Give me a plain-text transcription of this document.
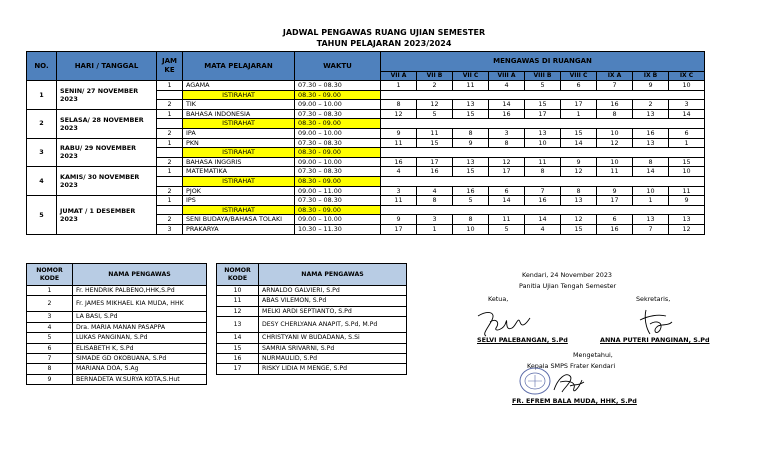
JADWAL PENGAWAS RUANG UJIAN SEMESTER
TAHUN PELAJARAN 2023/2024
NO.	HARI / TANGGAL	JAM KE	MATA PELAJARAN	WAKTU	MENGAWAS DI RUANGAN								
					VII A	VII B	VII C	VIII A	VIII B	VIII C	IX A	IX B	IX C
1	SENIN/ 27 NOVEMBER 2023	1	AGAMA	07.30 – 08.30	1	2	11	4	5	6	7	9	10
			ISTIRAHAT	08.30 - 09.00									
		2	TIK	09.00 – 10.00	8	12	13	14	15	17	16	2	3
2	SELASA/ 28 NOVEMBER 2023	1	BAHASA INDONESIA	07.30 – 08.30	12	5	15	16	17	1	8	13	14
			ISTIRAHAT	08.30 - 09.00									
		2	IPA	09.00 – 10.00	9	11	8	3	13	15	10	16	6
3	RABU/ 29 NOVEMBER 2023	1	PKN	07.30 – 08.30	11	15	9	8	10	14	12	13	1
			ISTIRAHAT	08.30 - 09.00									
		2	BAHASA INGGRIS	09.00 – 10.00	16	17	13	12	11	9	10	8	15
4	KAMIS/ 30 NOVEMBER 2023	1	MATEMATIKA	07.30 – 08.30	4	16	15	17	8	12	11	14	10
			ISTIRAHAT	08.30 - 09.00									
		2	PJOK	09.00 – 11.00	3	4	16	6	7	8	9	10	11
5	JUMAT / 1 DESEMBER 2023	1	IPS	07.30 – 08.30	11	8	5	14	16	13	17	1	9
			ISTIRAHAT	08.30 - 09.00									
		2	SENI BUDAYA/BAHASA TOLAKI	09.00 – 10.00	9	3	8	11	14	12	6	13	13
		3	PRAKARYA	10.30 – 11.30	17	1	10	5	4	15	16	7	12
NOMOR KODE	NAMA PENGAWAS
1	Fr. HENDRIK PALBENO,HHK,S.Pd
2	Fr. JAMES MIKHAEL KIA MUDA, HHK
3	LA BASI, S.Pd
4	Dra. MARIA MANAN PASAPPA
5	LUKAS PANGINAN, S.Pd
6	ELISABETH K, S.Pd
7	SIMADE GD OKOBUANA, S.Pd
8	MARIANA DOA, S.Ag
9	BERNADETA W.SURYA KOTA,S.Hut
NOMOR KODE	NAMA PENGAWAS
10	ARNALDO GALVIERI, S.Pd
11	ABAS VILEMON, S.Pd
12	MELKI ARDI SEPTIANTO, S.Pd
13	DESY CHERLYANA ANAPIT, S.Pd, M.Pd
14	CHRISTYANI W BUDADANA, S.Si
15	SAMRIA SRIVARNI, S.Pd
16	NURMAULID, S.Pd
17	RISKY LIDIA M MENGE, S.Pd
Kendari, 24 November 2023
Panitia Ujian Tengah Semester
Ketua,	Sekretaris,
SELVI PALEBANGAN, S.Pd	ANNA PUTERI PANGINAN, S.Pd
Mengetahui,
Kepala SMPS Frater Kendari
FR. EFREM BALA MUDA, HHK, S.Pd
